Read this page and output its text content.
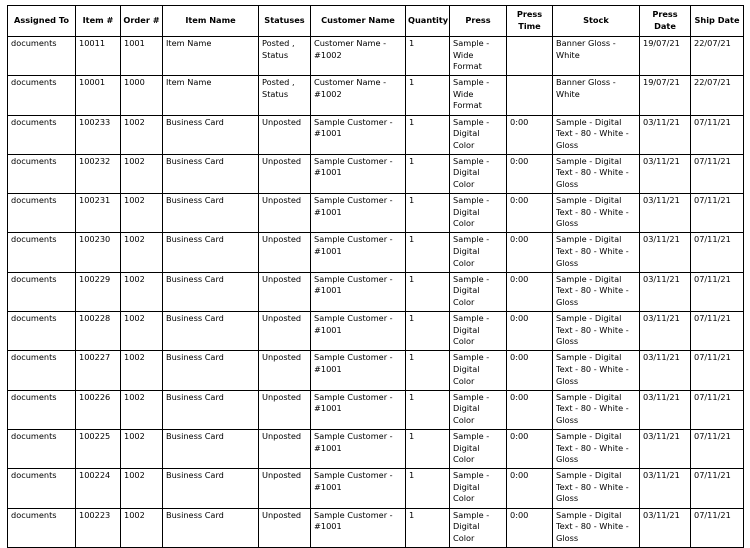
Assigned To	Item #	Order #	Item Name	Statuses	Customer Name	Quantity	Press	Press Time	Stock	Press Date	Ship Date
documents	10011	1001	Item Name	Posted , Status	Customer Name - #1002	1	Sample - Wide Format		Banner Gloss - White	19/07/21	22/07/21
documents	10001	1000	Item Name	Posted , Status	Customer Name - #1002	1	Sample - Wide Format		Banner Gloss - White	19/07/21	22/07/21
documents	100233	1002	Business Card	Unposted	Sample Customer - #1001	1	Sample - Digital Color	0:00	Sample - Digital Text - 80 - White - Gloss	03/11/21	07/11/21
documents	100232	1002	Business Card	Unposted	Sample Customer - #1001	1	Sample - Digital Color	0:00	Sample - Digital Text - 80 - White - Gloss	03/11/21	07/11/21
documents	100231	1002	Business Card	Unposted	Sample Customer - #1001	1	Sample - Digital Color	0:00	Sample - Digital Text - 80 - White - Gloss	03/11/21	07/11/21
documents	100230	1002	Business Card	Unposted	Sample Customer - #1001	1	Sample - Digital Color	0:00	Sample - Digital Text - 80 - White - Gloss	03/11/21	07/11/21
documents	100229	1002	Business Card	Unposted	Sample Customer - #1001	1	Sample - Digital Color	0:00	Sample - Digital Text - 80 - White - Gloss	03/11/21	07/11/21
documents	100228	1002	Business Card	Unposted	Sample Customer - #1001	1	Sample - Digital Color	0:00	Sample - Digital Text - 80 - White - Gloss	03/11/21	07/11/21
documents	100227	1002	Business Card	Unposted	Sample Customer - #1001	1	Sample - Digital Color	0:00	Sample - Digital Text - 80 - White - Gloss	03/11/21	07/11/21
documents	100226	1002	Business Card	Unposted	Sample Customer - #1001	1	Sample - Digital Color	0:00	Sample - Digital Text - 80 - White - Gloss	03/11/21	07/11/21
documents	100225	1002	Business Card	Unposted	Sample Customer - #1001	1	Sample - Digital Color	0:00	Sample - Digital Text - 80 - White - Gloss	03/11/21	07/11/21
documents	100224	1002	Business Card	Unposted	Sample Customer - #1001	1	Sample - Digital Color	0:00	Sample - Digital Text - 80 - White - Gloss	03/11/21	07/11/21
documents	100223	1002	Business Card	Unposted	Sample Customer - #1001	1	Sample - Digital Color	0:00	Sample - Digital Text - 80 - White - Gloss	03/11/21	07/11/21
